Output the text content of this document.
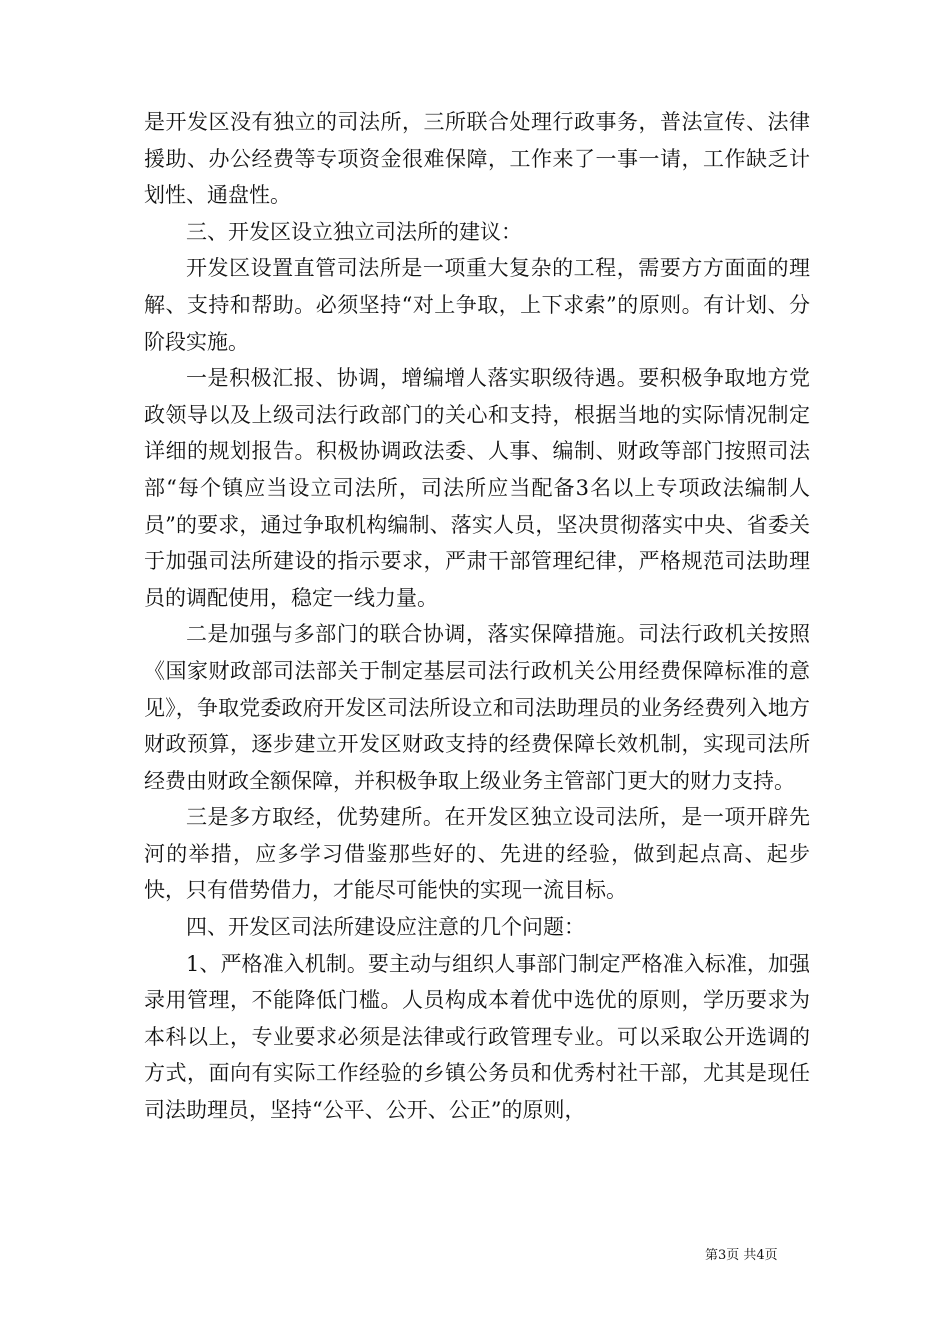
是开发区没有独立的司法所，三所联合处理行政事务，普法宣传、法律援助、办公经费等专项资金很难保障，工作来了一事一请，工作缺乏计划性、通盘性。

三、开发区设立独立司法所的建议：

开发区设置直管司法所是一项重大复杂的工程，需要方方面面的理解、支持和帮助。必须坚持“对上争取，上下求索”的原则。有计划、分阶段实施。

一是积极汇报、协调，增编增人落实职级待遇。要积极争取地方党政领导以及上级司法行政部门的关心和支持，根据当地的实际情况制定详细的规划报告。积极协调政法委、人事、编制、财政等部门按照司法部“每个镇应当设立司法所，司法所应当配备3名以上专项政法编制人员”的要求，通过争取机构编制、落实人员，坚决贯彻落实中央、省委关于加强司法所建设的指示要求，严肃干部管理纪律，严格规范司法助理员的调配使用，稳定一线力量。

二是加强与多部门的联合协调，落实保障措施。司法行政机关按照《国家财政部司法部关于制定基层司法行政机关公用经费保障标准的意见》，争取党委政府开发区司法所设立和司法助理员的业务经费列入地方财政预算，逐步建立开发区财政支持的经费保障长效机制，实现司法所经费由财政全额保障，并积极争取上级业务主管部门更大的财力支持。

三是多方取经，优势建所。在开发区独立设司法所，是一项开辟先河的举措，应多学习借鉴那些好的、先进的经验，做到起点高、起步快，只有借势借力，才能尽可能快的实现一流目标。

四、开发区司法所建设应注意的几个问题：

1、严格准入机制。要主动与组织人事部门制定严格准入标准，加强录用管理，不能降低门槛。人员构成本着优中选优的原则，学历要求为本科以上，专业要求必须是法律或行政管理专业。可以采取公开选调的方式，面向有实际工作经验的乡镇公务员和优秀村社干部，尤其是现任司法助理员，坚持“公平、公开、公正”的原则，

第3页 共4页
